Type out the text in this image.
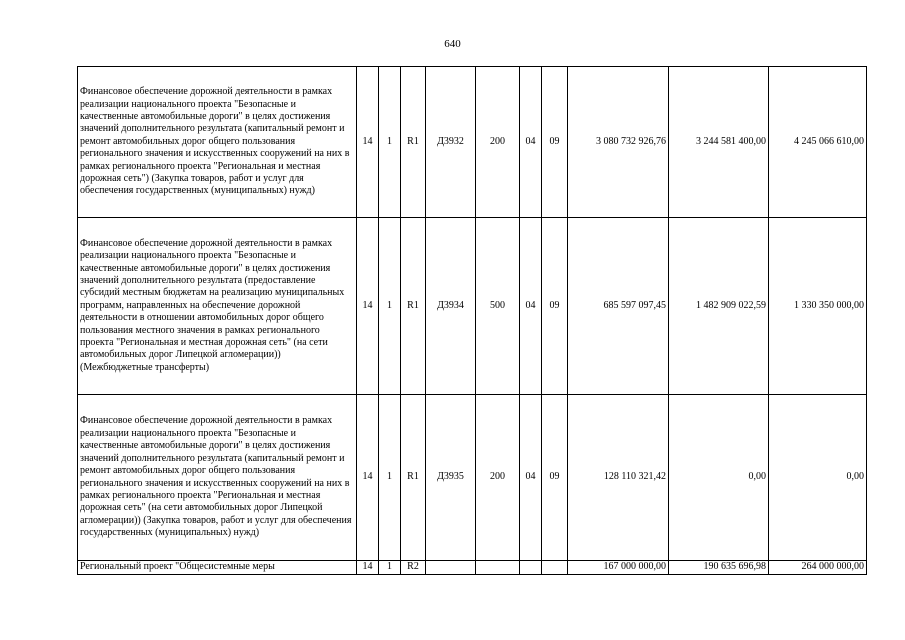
640
Финансовое обеспечение дорожной деятельности в рамках реализации национального проекта "Безопасные и качественные автомобильные дороги" в целях достижения значений дополнительного результата (капитальный ремонт и ремонт автомобильных дорог общего пользования регионального значения и искусственных сооружений на них в рамках регионального проекта "Региональная и местная дорожная сеть") (Закупка товаров, работ и услуг для обеспечения государственных (муниципальных) нужд)	14	1	R1	Д3932	200	04	09	3 080 732 926,76	3 244 581 400,00	4 245 066 610,00
Финансовое обеспечение дорожной деятельности в рамках реализации национального проекта "Безопасные и качественные автомобильные дороги" в целях достижения значений дополнительного результата (предоставление субсидий местным бюджетам на реализацию муниципальных программ, направленных на обеспечение дорожной деятельности в отношении автомобильных дорог общего пользования местного значения в рамках регионального проекта "Региональная и местная дорожная сеть" (на сети автомобильных дорог Липецкой агломерации)) (Межбюджетные трансферты)	14	1	R1	Д3934	500	04	09	685 597 097,45	1 482 909 022,59	1 330 350 000,00
Финансовое обеспечение дорожной деятельности в рамках реализации национального проекта "Безопасные и качественные автомобильные дороги" в целях достижения значений дополнительного результата (капитальный ремонт и ремонт автомобильных дорог общего пользования регионального значения и искусственных сооружений на них в рамках регионального проекта "Региональная и местная дорожная сеть" (на сети автомобильных дорог Липецкой агломерации)) (Закупка товаров, работ и услуг для обеспечения государственных (муниципальных) нужд)	14	1	R1	Д3935	200	04	09	128 110 321,42	0,00	0,00
Региональный проект "Общесистемные меры	14	1	R2					167 000 000,00	190 635 696,98	264 000 000,00
